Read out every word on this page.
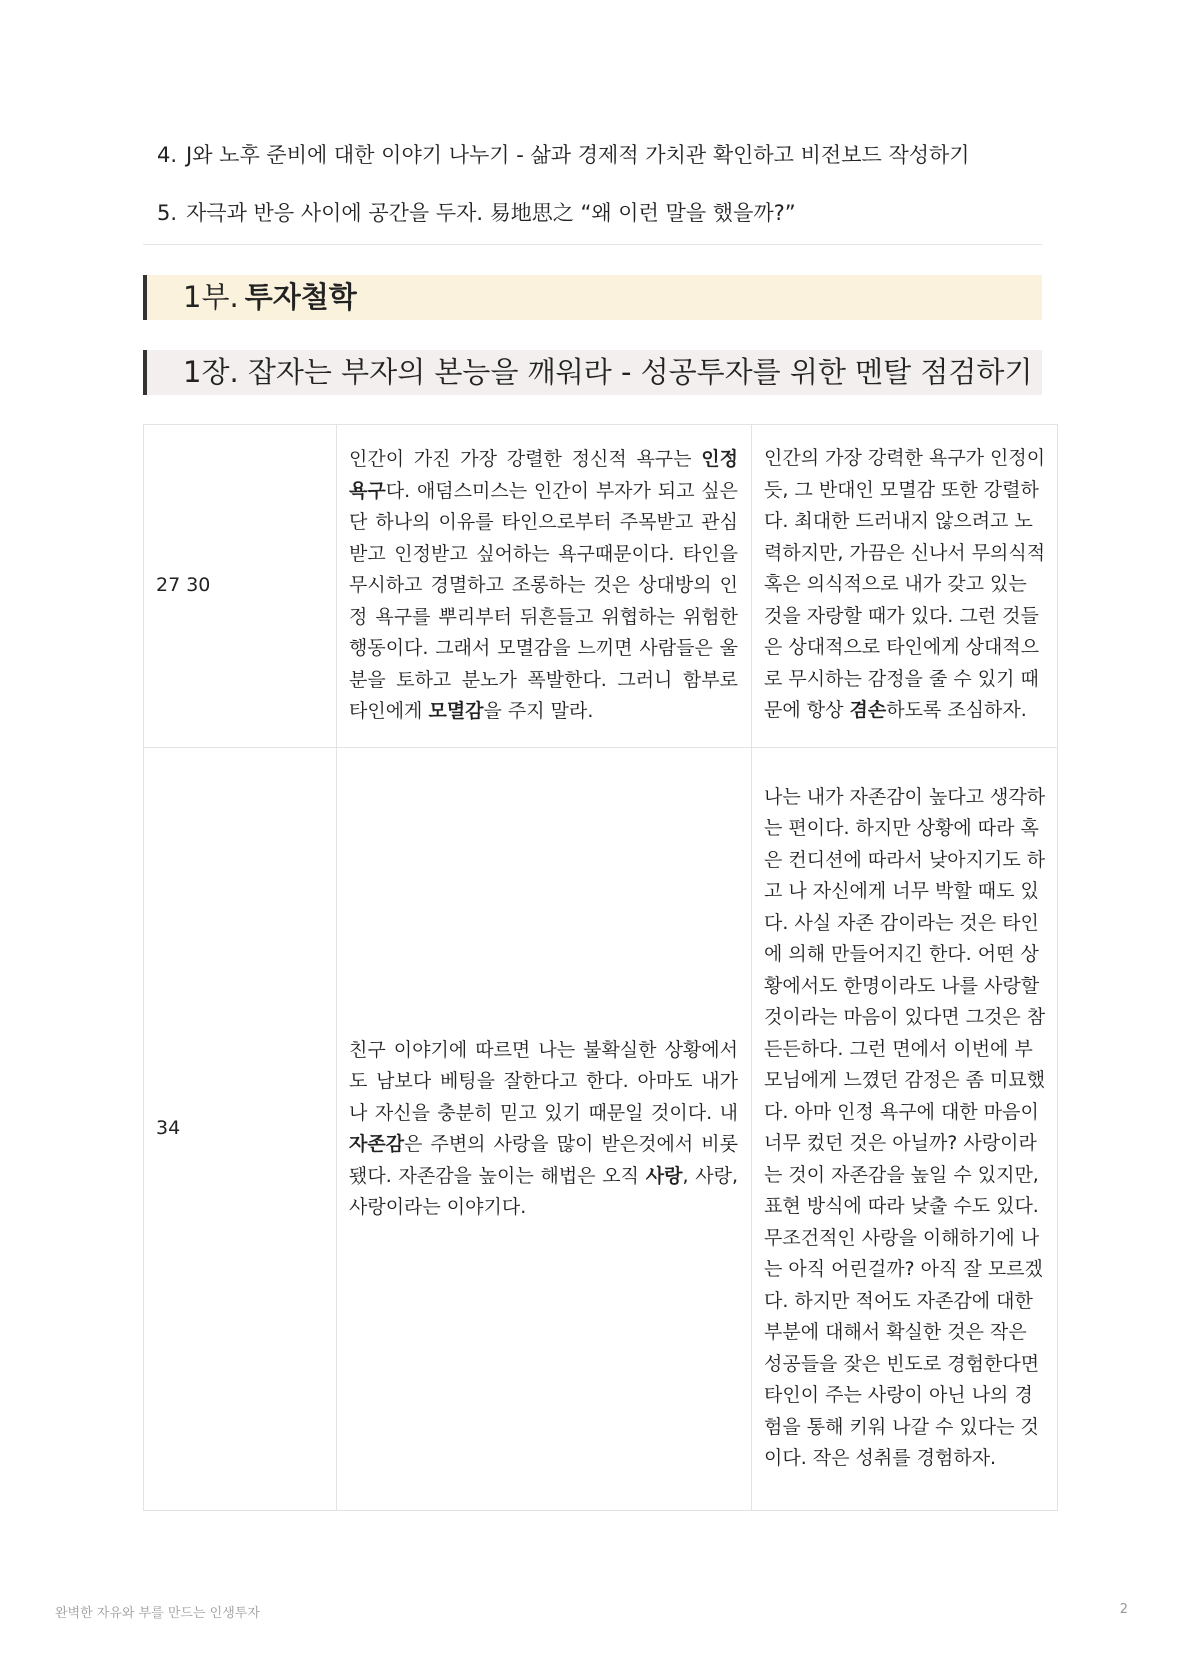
4. J와 노후 준비에 대한 이야기 나누기 - 삶과 경제적 가치관 확인하고 비전보드 작성하기
5. 자극과 반응 사이에 공간을 두자. 易地思之 “왜 이런 말을 했을까?”
1부. 투자철학
1장. 잡자는 부자의 본능을 깨워라 - 성공투자를 위한 멘탈 점검하기
27 30	인간이 가진 가장 강렬한 정신적 욕구는 인정 욕구다. 애덤스미스는 인간이 부자가 되고 싶은 단 하나의 이유를 타인으로부터 주목받고 관심받고 인정받고 싶어하는 욕구때문이다. 타인을 무시하고 경멸하고 조롱하는 것은 상대방의 인정 욕구를 뿌리부터 뒤흔들고 위협하는 위험한 행동이다. 그래서 모멸감을 느끼면 사람들은 울분을 토하고 분노가 폭발한다. 그러니 함부로 타인에게 모멸감을 주지 말라.	인간의 가장 강력한 욕구가 인정이듯, 그 반대인 모멸감 또한 강렬하다. 최대한 드러내지 않으려고 노력하지만, 가끔은 신나서 무의식적 혹은 의식적으로 내가 갖고 있는 것을 자랑할 때가 있다. 그런 것들은 상대적으로 타인에게 상대적으로 무시하는 감정을 줄 수 있기 때문에 항상 겸손하도록 조심하자.

34	친구 이야기에 따르면 나는 불확실한 상황에서도 남보다 베팅을 잘한다고 한다. 아마도 내가 나 자신을 충분히 믿고 있기 때문일 것이다. 내 자존감은 주변의 사랑을 많이 받은것에서 비롯됐다. 자존감을 높이는 해법은 오직 사랑, 사랑, 사랑이라는 이야기다.	나는 내가 자존감이 높다고 생각하는 편이다. 하지만 상황에 따라 혹은 컨디션에 따라서 낮아지기도 하고 나 자신에게 너무 박할 때도 있다. 사실 자존 감이라는 것은 타인에 의해 만들어지긴 한다. 어떤 상황에서도 한명이라도 나를 사랑할 것이라는 마음이 있다면 그것은 참 든든하다. 그런 면에서 이번에 부모님에게 느꼈던 감정은 좀 미묘했다. 아마 인정 욕구에 대한 마음이 너무 컸던 것은 아닐까? 사랑이라는 것이 자존감을 높일 수 있지만, 표현 방식에 따라 낮출 수도 있다. 무조건적인 사랑을 이해하기에 나는 아직 어린걸까? 아직 잘 모르겠다. 하지만 적어도 자존감에 대한 부분에 대해서 확실한 것은 작은 성공들을 잦은 빈도로 경험한다면 타인이 주는 사랑이 아닌 나의 경험을 통해 키워 나갈 수 있다는 것이다. 작은 성취를 경험하자.
완벽한 자유와 부를 만드는 인생투자	2
